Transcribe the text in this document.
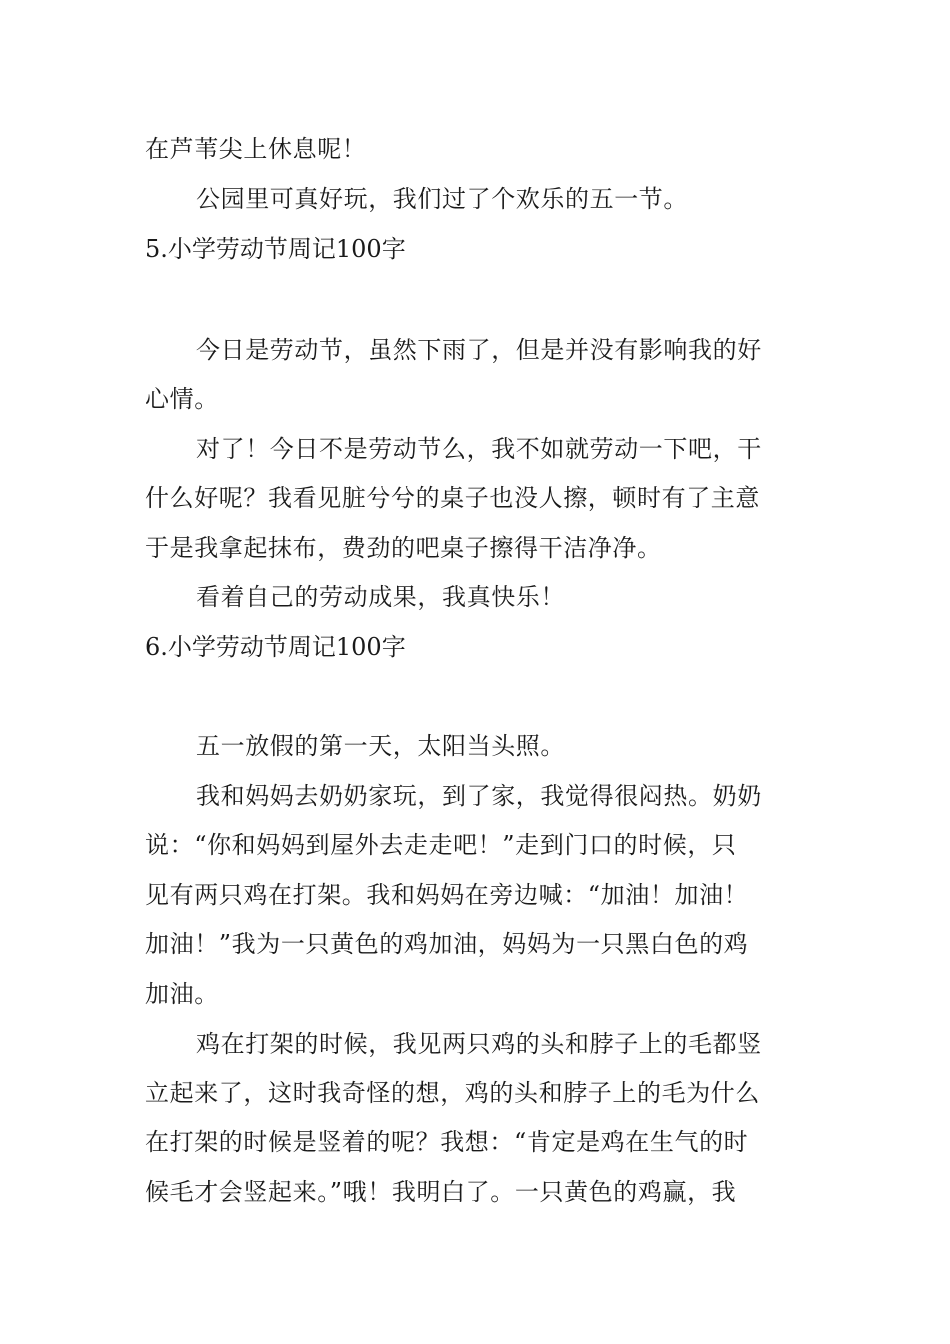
在芦苇尖上休息呢！
公园里可真好玩，我们过了个欢乐的五一节。
5.小学劳动节周记100字
今日是劳动节，虽然下雨了，但是并没有影响我的好
心情。
对了！今日不是劳动节么，我不如就劳动一下吧，干
什么好呢？我看见脏兮兮的桌子也没人擦，顿时有了主意
于是我拿起抹布，费劲的吧桌子擦得干洁净净。
看着自己的劳动成果，我真快乐！
6.小学劳动节周记100字
五一放假的第一天，太阳当头照。
我和妈妈去奶奶家玩，到了家，我觉得很闷热。奶奶
说：“你和妈妈到屋外去走走吧！”走到门口的时候，只
见有两只鸡在打架。我和妈妈在旁边喊：“加油！加油！
加油！”我为一只黄色的鸡加油，妈妈为一只黑白色的鸡
加油。
鸡在打架的时候，我见两只鸡的头和脖子上的毛都竖
立起来了，这时我奇怪的想，鸡的头和脖子上的毛为什么
在打架的时候是竖着的呢？我想：“肯定是鸡在生气的时
候毛才会竖起来。”哦！我明白了。一只黄色的鸡赢，我
